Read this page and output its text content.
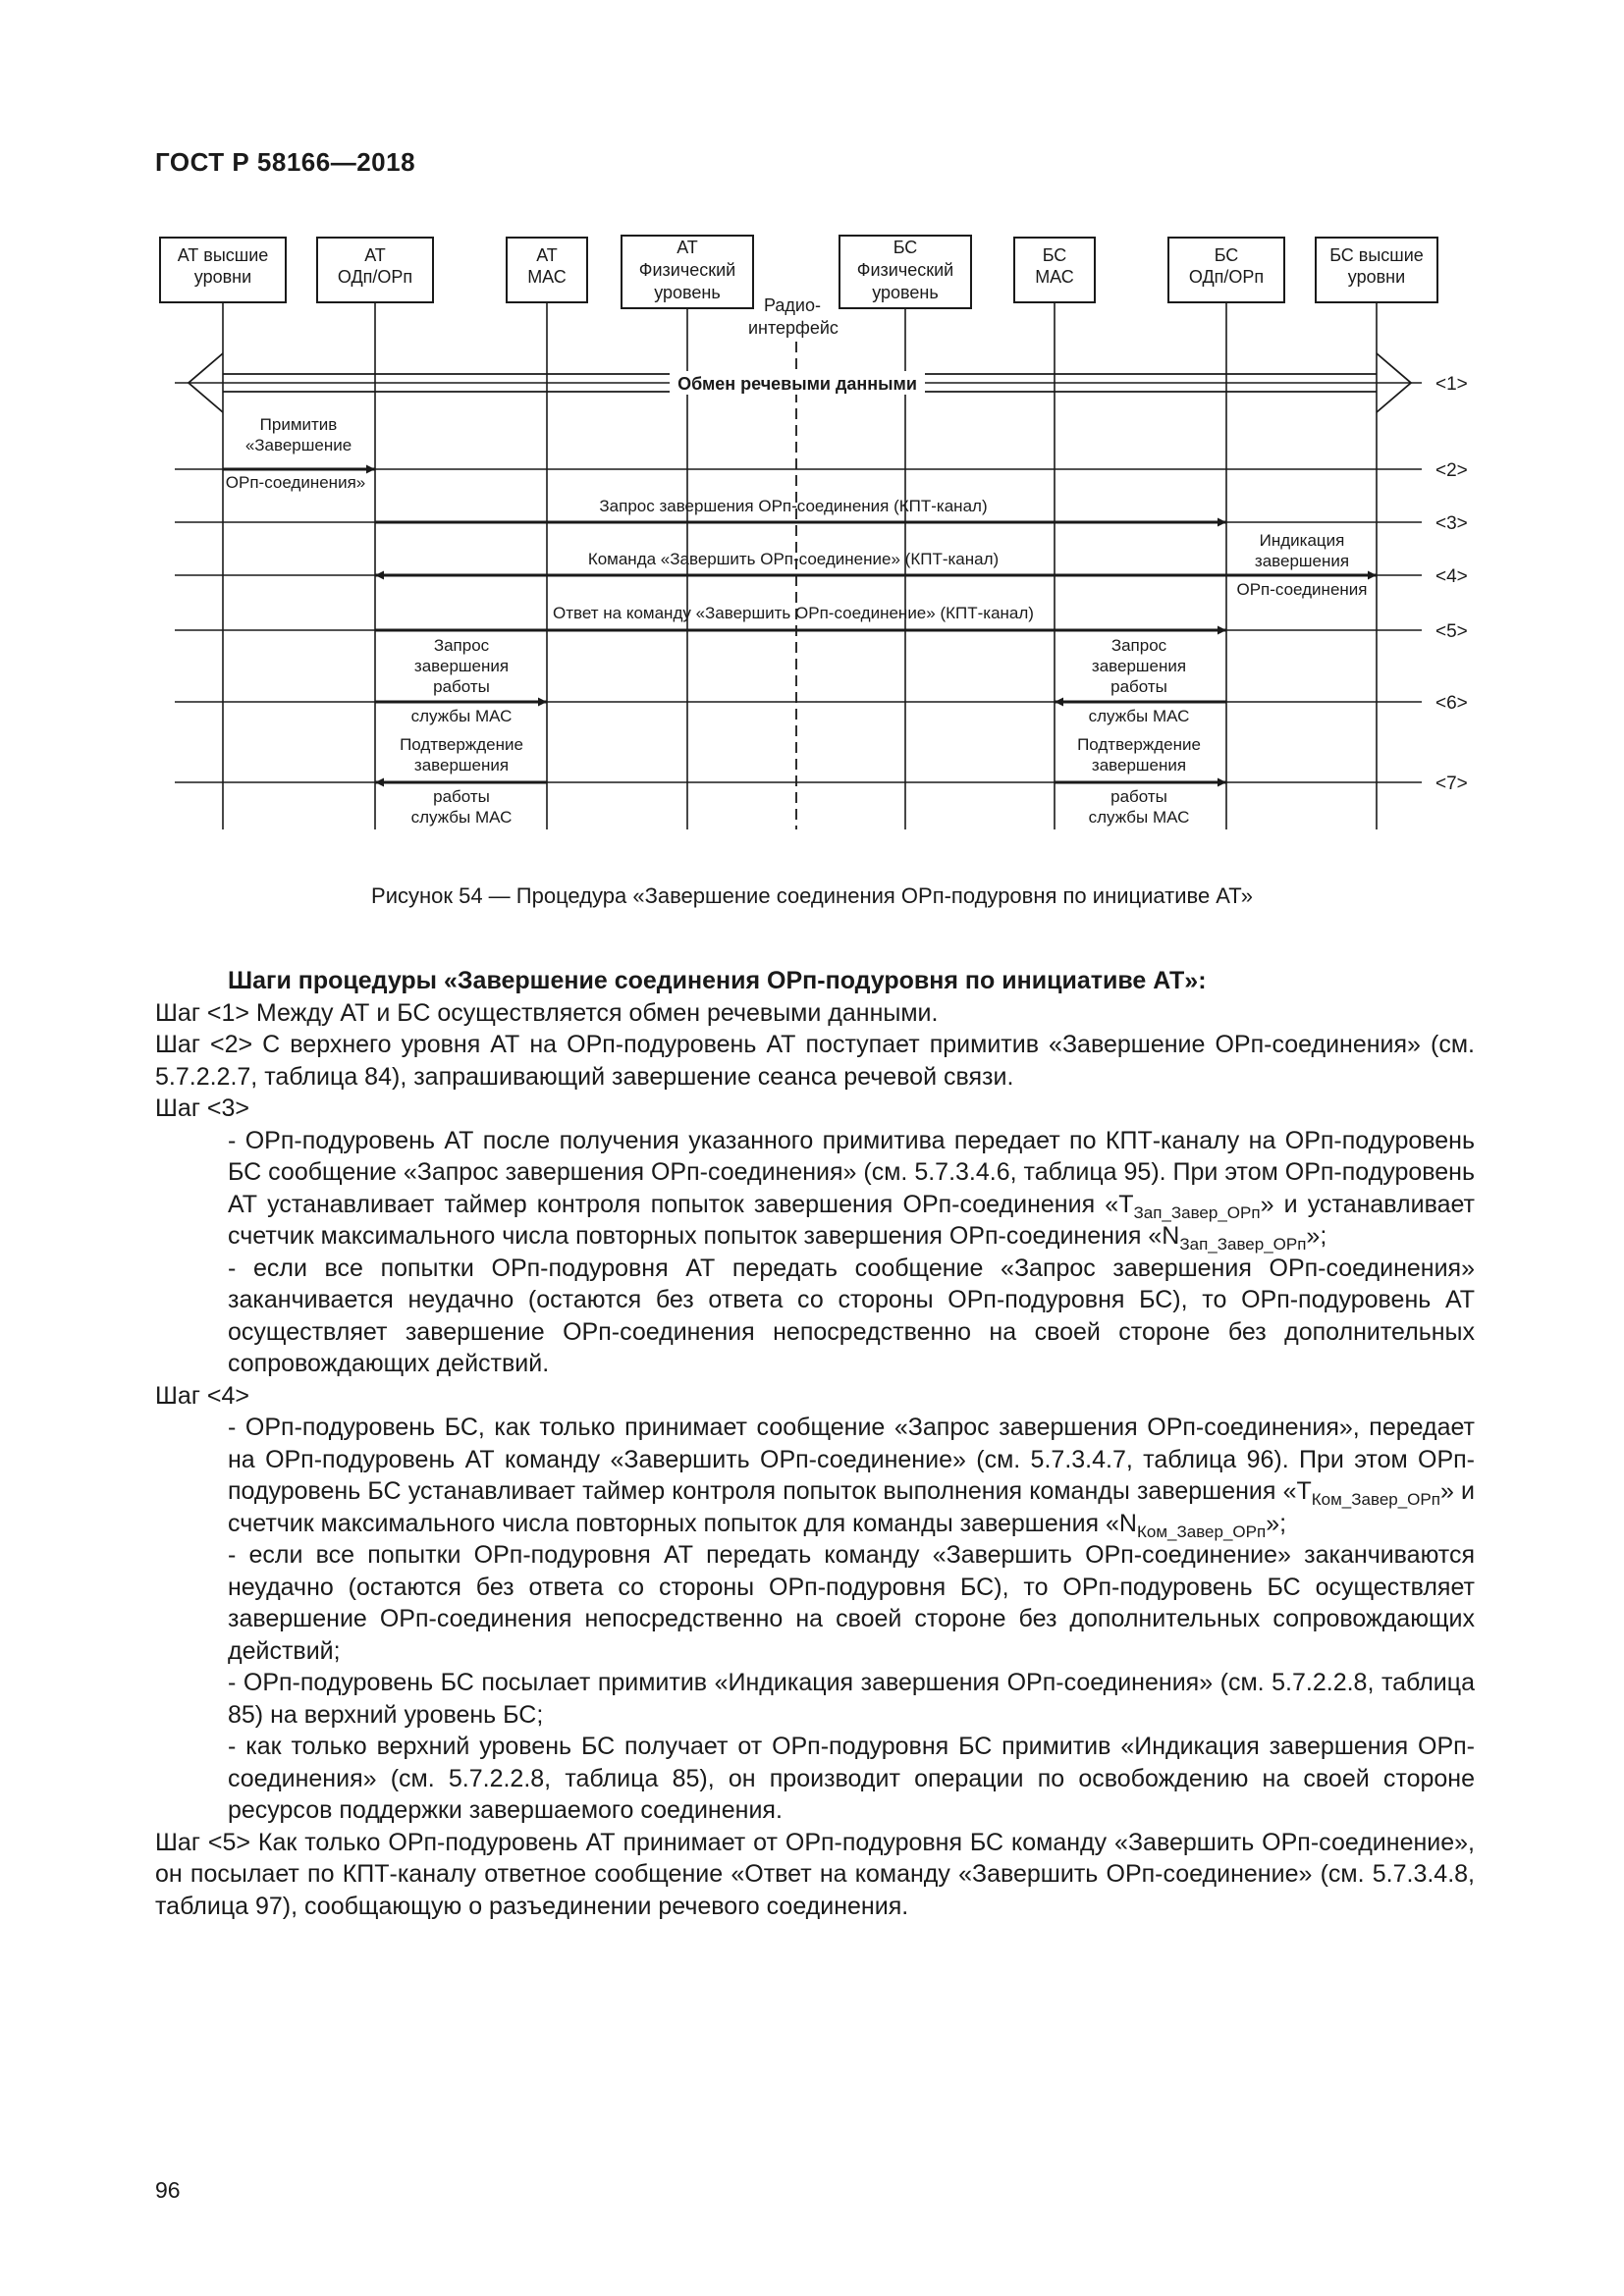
ГОСТ Р 58166—2018
АТ высшие
уровни
АТ
ОДп/ОРп
АТ
МАС
АТ
Физический
уровень
БС
Физический
уровень
БС
МАС
БС
ОДп/ОРп
БС высшие
уровни
Радио-
интерфейс
<1>
<2>
<3>
<4>
<5>
<6>
<7>
Обмен речевыми данными
Примитив
«Завершение
ОРп-соединения»
Запрос завершения ОРп-соединения (КПТ-канал)
Индикация
завершения
ОРп-соединения
Команда «Завершить ОРп-соединение» (КПТ-канал)
Ответ на команду «Завершить ОРп-соединение» (КПТ-канал)
Запрос
завершения
работы
службы МАС
Запрос
завершения
работы
службы МАС
Подтверждение
завершения
работы
службы МАС
Подтверждение
завершения
работы
службы МАС
Рисунок 54 — Процедура «Завершение соединения ОРп-подуровня по инициативе АТ»
Шаги процедуры «Завершение соединения ОРп-подуровня по инициативе АТ»:

Шаг <1> Между АТ и БС осуществляется обмен речевыми данными.

Шаг <2> С верхнего уровня АТ на ОРп-подуровень АТ поступает примитив «Завершение ОРп-соединения» (см. 5.7.2.2.7, таблица 84), запрашивающий завершение сеанса речевой связи.

Шаг <3>

- ОРп-подуровень АТ после получения указанного примитива передает по КПТ-каналу на ОРп-подуровень БС сообщение «Запрос завершения ОРп-соединения» (см. 5.7.3.4.6, таблица 95). При этом ОРп-подуровень АТ устанавливает таймер контроля попыток завершения ОРп-соединения «$T_{Зап\_Завер\_ОРп}$» и устанавливает счетчик максимального числа повторных попыток завершения ОРп-соединения «$N_{Зап\_Завер\_ОРп}$»;

- если все попытки ОРп-подуровня АТ передать сообщение «Запрос завершения ОРп-соединения» заканчивается неудачно (остаются без ответа со стороны ОРп-подуровня БС), то ОРп-подуровень АТ осуществляет завершение ОРп-соединения непосредственно на своей стороне без дополнительных сопровождающих действий.

Шаг <4>

- ОРп-подуровень БС, как только принимает сообщение «Запрос завершения ОРп-соединения», передает на ОРп-подуровень АТ команду «Завершить ОРп-соединение» (см. 5.7.3.4.7, таблица 96). При этом ОРп-подуровень БС устанавливает таймер контроля попыток выполнения команды завершения «$T_{Ком\_Завер\_ОРп}$» и счетчик максимального числа повторных попыток для команды завершения «$N_{Ком\_Завер\_ОРп}$»;

- если все попытки ОРп-подуровня АТ передать команду «Завершить ОРп-соединение» заканчиваются неудачно (остаются без ответа со стороны ОРп-подуровня БС), то ОРп-подуровень БС осуществляет завершение ОРп-соединения непосредственно на своей стороне без дополнительных сопровождающих действий;

- ОРп-подуровень БС посылает примитив «Индикация завершения ОРп-соединения» (см. 5.7.2.2.8, таблица 85) на верхний уровень БС;

- как только верхний уровень БС получает от ОРп-подуровня БС примитив «Индикация завершения ОРп-соединения» (см. 5.7.2.2.8, таблица 85), он производит операции по освобождению на своей стороне ресурсов поддержки завершаемого соединения.

Шаг <5> Как только ОРп-подуровень АТ принимает от ОРп-подуровня БС команду «Завершить ОРп-соединение», он посылает по КПТ-каналу ответное сообщение «Ответ на команду «Завершить ОРп-соединение» (см. 5.7.3.4.8, таблица 97), сообщающую о разъединении речевого соединения.

96
